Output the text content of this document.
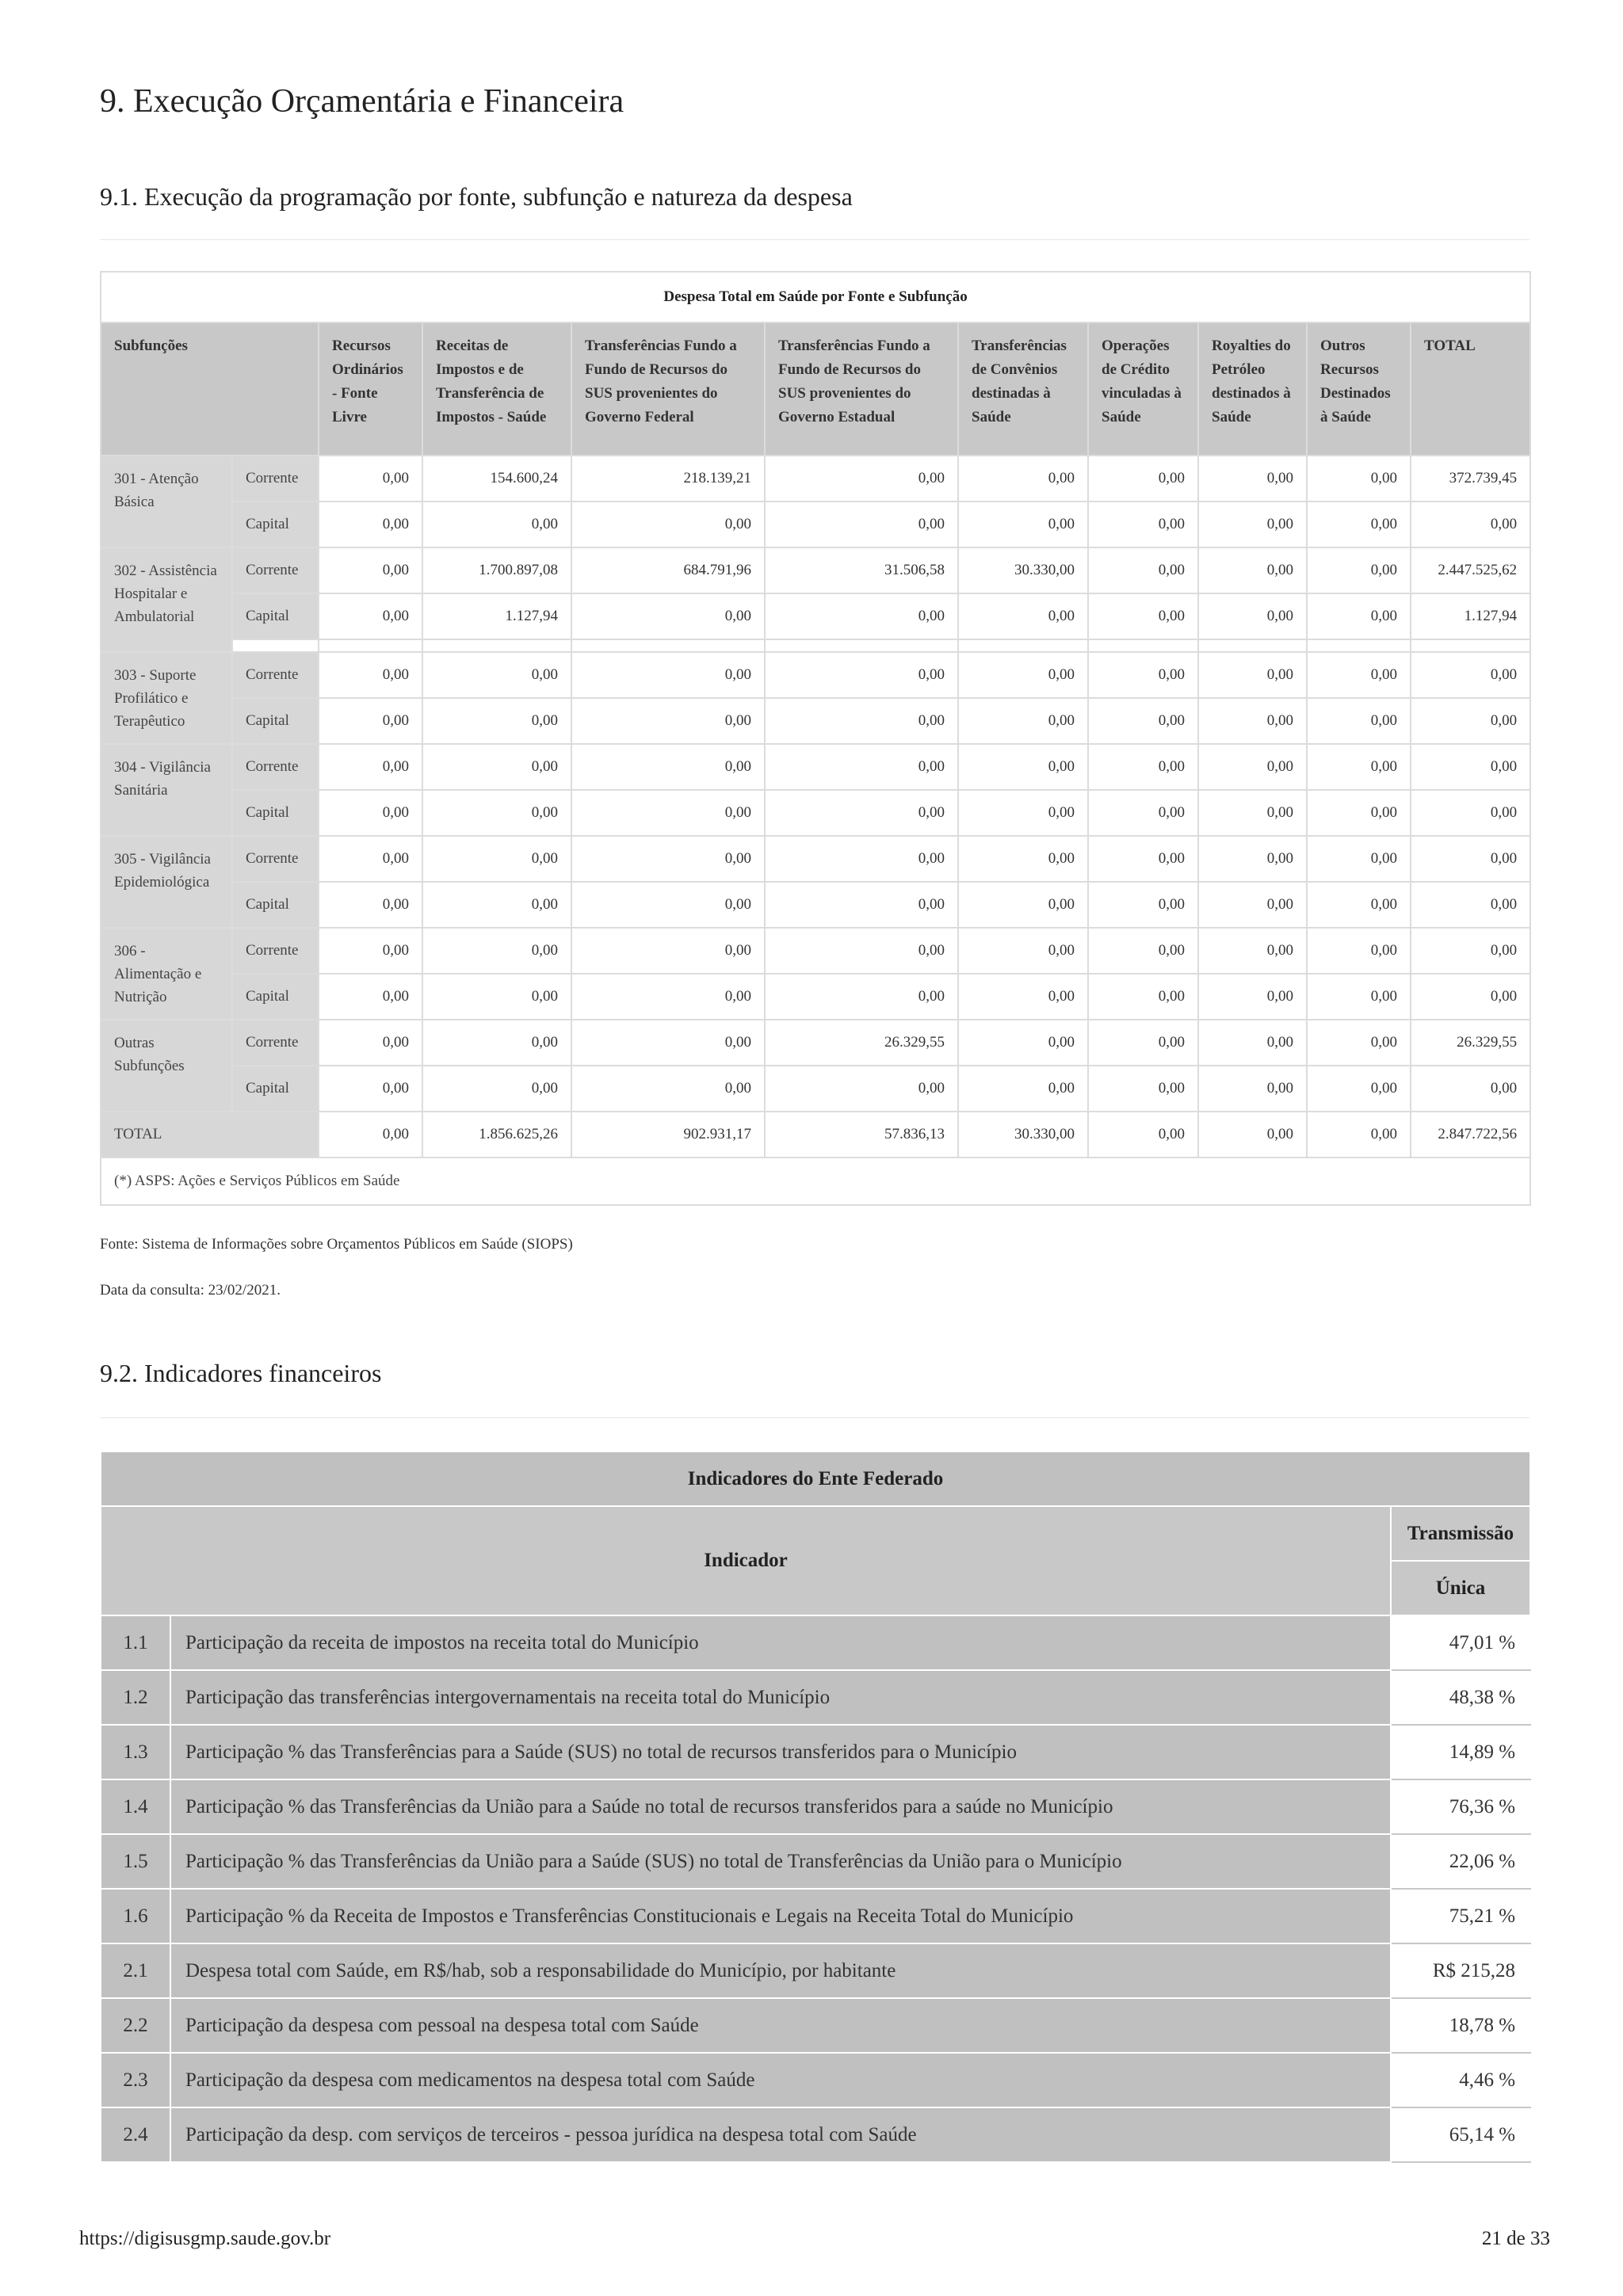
9. Execução Orçamentária e Financeira
9.1. Execução da programação por fonte, subfunção e natureza da despesa
Despesa Total em Saúde por Fonte e Subfunção										
Subfunções		Recursos Ordinários - Fonte Livre	Receitas de Impostos e de Transferência de Impostos - Saúde	Transferências Fundo a Fundo de Recursos do SUS provenientes do Governo Federal	Transferências Fundo a Fundo de Recursos do SUS provenientes do Governo Estadual	Transferências de Convênios destinadas à Saúde	Operações de Crédito vinculadas à Saúde	Royalties do Petróleo destinados à Saúde	Outros Recursos Destinados à Saúde	TOTAL
301 - Atenção Básica	Corrente	0,00	154.600,24	218.139,21	0,00	0,00	0,00	0,00	0,00	372.739,45
	Capital	0,00	0,00	0,00	0,00	0,00	0,00	0,00	0,00	0,00
302 - Assistência Hospitalar e Ambulatorial	Corrente	0,00	1.700.897,08	684.791,96	31.506,58	30.330,00	0,00	0,00	0,00	2.447.525,62
	Capital	0,00	1.127,94	0,00	0,00	0,00	0,00	0,00	0,00	1.127,94

303 - Suporte Profilático e Terapêutico	Corrente	0,00	0,00	0,00	0,00	0,00	0,00	0,00	0,00	0,00
	Capital	0,00	0,00	0,00	0,00	0,00	0,00	0,00	0,00	0,00
304 - Vigilância Sanitária	Corrente	0,00	0,00	0,00	0,00	0,00	0,00	0,00	0,00	0,00
	Capital	0,00	0,00	0,00	0,00	0,00	0,00	0,00	0,00	0,00
305 - Vigilância Epidemiológica	Corrente	0,00	0,00	0,00	0,00	0,00	0,00	0,00	0,00	0,00
	Capital	0,00	0,00	0,00	0,00	0,00	0,00	0,00	0,00	0,00
306 - Alimentação e Nutrição	Corrente	0,00	0,00	0,00	0,00	0,00	0,00	0,00	0,00	0,00
	Capital	0,00	0,00	0,00	0,00	0,00	0,00	0,00	0,00	0,00
Outras Subfunções	Corrente	0,00	0,00	0,00	26.329,55	0,00	0,00	0,00	0,00	26.329,55
	Capital	0,00	0,00	0,00	0,00	0,00	0,00	0,00	0,00	0,00
TOTAL		0,00	1.856.625,26	902.931,17	57.836,13	30.330,00	0,00	0,00	0,00	2.847.722,56
(*) ASPS: Ações e Serviços Públicos em Saúde										
Fonte: Sistema de Informações sobre Orçamentos Públicos em Saúde (SIOPS)
Data da consulta: 23/02/2021.
9.2. Indicadores financeiros
Indicadores do Ente Federado		
Indicador		Transmissão
		Única
1.1	Participação da receita de impostos na receita total do Município	47,01 %
1.2	Participação das transferências intergovernamentais na receita total do Município	48,38 %
1.3	Participação % das Transferências para a Saúde (SUS) no total de recursos transferidos para o Município	14,89 %
1.4	Participação % das Transferências da União para a Saúde no total de recursos transferidos para a saúde no Município	76,36 %
1.5	Participação % das Transferências da União para a Saúde (SUS) no total de Transferências da União para o Município	22,06 %
1.6	Participação % da Receita de Impostos e Transferências Constitucionais e Legais na Receita Total do Município	75,21 %
2.1	Despesa total com Saúde, em R$/hab, sob a responsabilidade do Município, por habitante	R$ 215,28
2.2	Participação da despesa com pessoal na despesa total com Saúde	18,78 %
2.3	Participação da despesa com medicamentos na despesa total com Saúde	4,46 %
2.4	Participação da desp. com serviços de terceiros - pessoa jurídica na despesa total com Saúde	65,14 %
https://digisusgmp.saude.gov.br	21 de 33
